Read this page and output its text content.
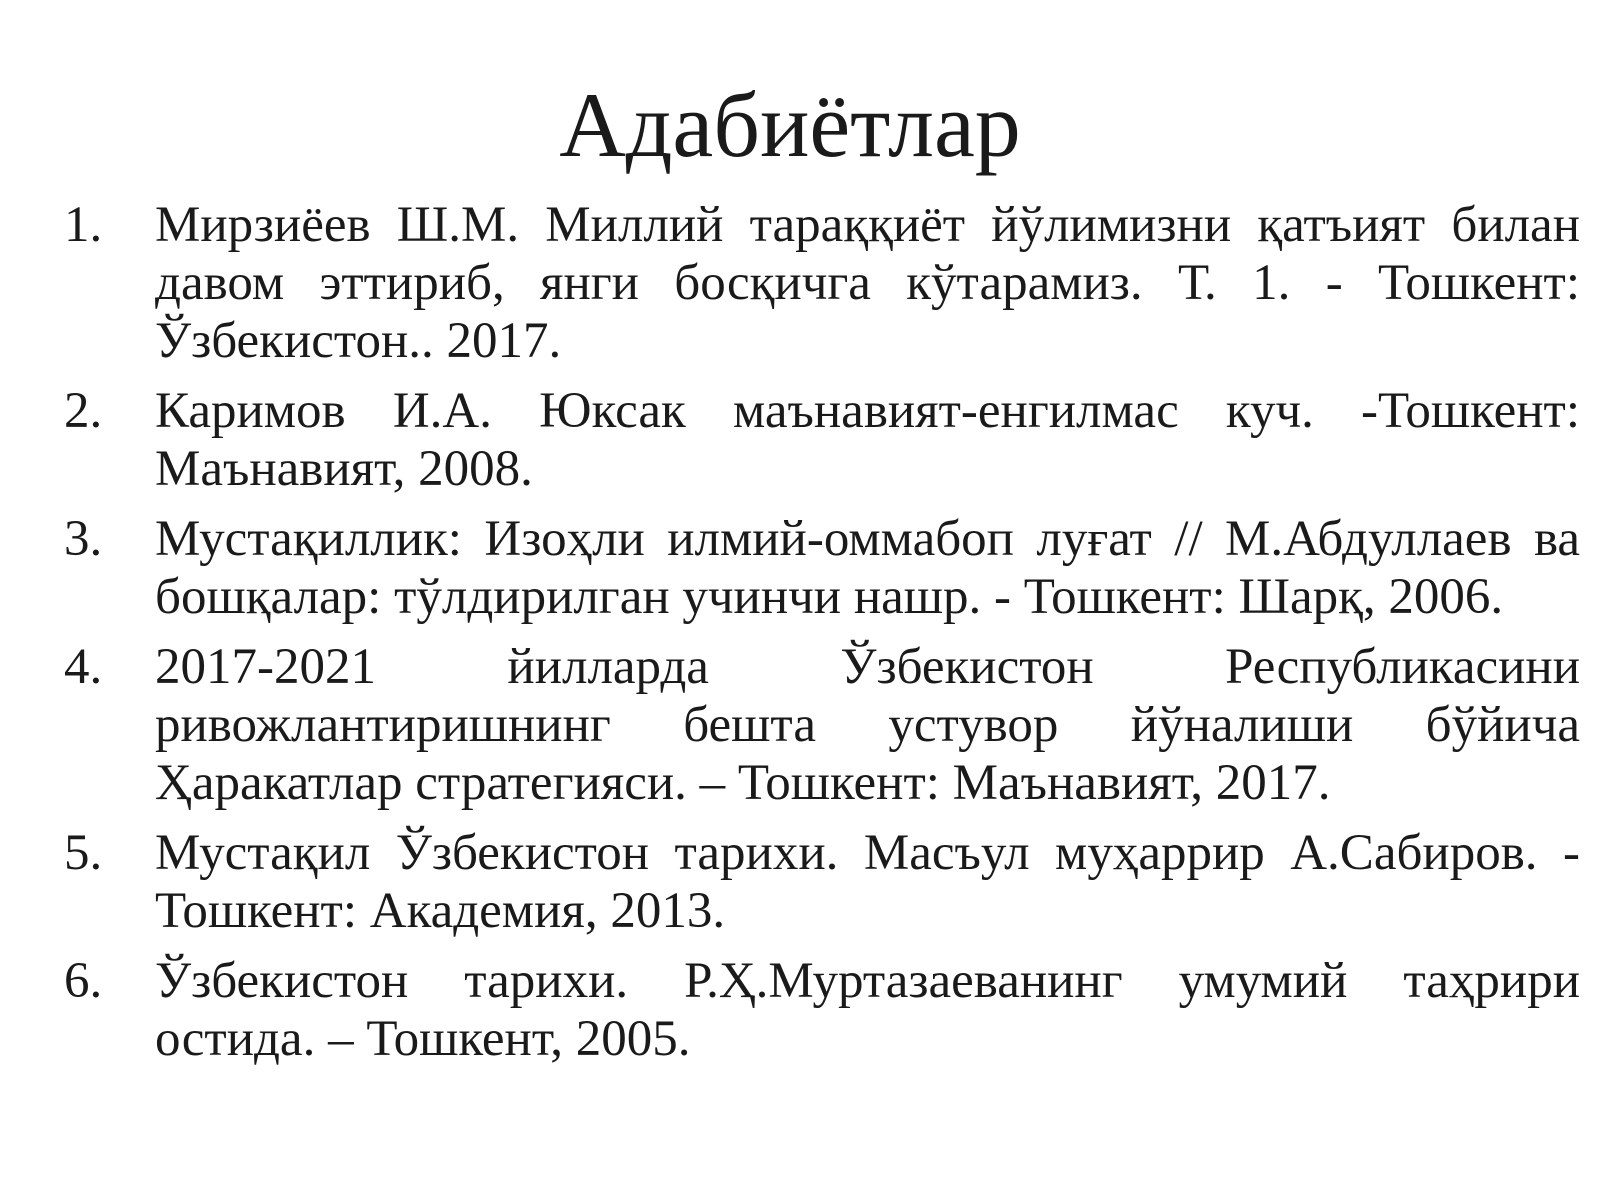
Адабиётлар
1. Мирзиёев Ш.М. Миллий тараққиёт йўлимизни қатъият билан давом эттириб, янги босқичга кўтарамиз. Т. 1. - Тошкент: Ўзбекистон.. 2017.
2. Каримов И.А. Юксак маънавият-енгилмас куч. -Тошкент: Маънавият, 2008.
3. Мустақиллик: Изоҳли илмий-оммабоп луғат // М.Абдуллаев ва бошқалар: тўлдирилган учинчи нашр. - Тошкент: Шарқ, 2006.
4. 2017-2021 йилларда Ўзбекистон Республикасини ривожлантиришнинг бешта устувор йўналиши бўйича Ҳаракатлар стратегияси. – Тошкент: Маънавият, 2017.
5. Мустақил Ўзбекистон тарихи. Масъул муҳаррир А.Сабиров. - Тошкент: Академия, 2013.
6. Ўзбекистон тарихи. Р.Ҳ.Муртазаеванинг умумий таҳрири остида. – Тошкент, 2005.
